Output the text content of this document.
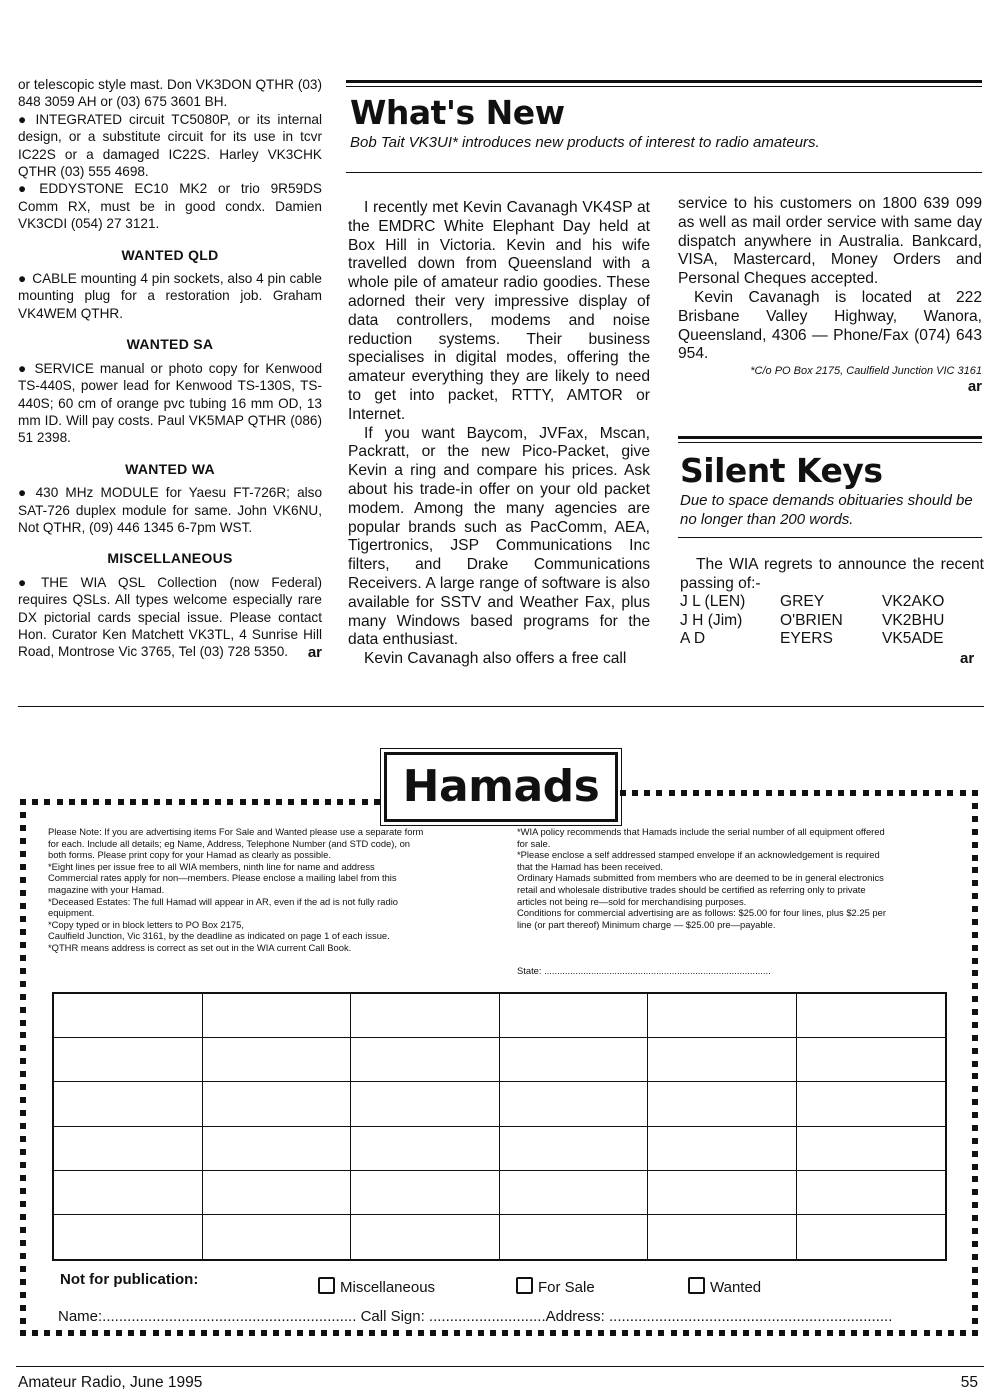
or telescopic style mast. Don VK3DON QTHR (03) 848 3059 AH or (03) 675 3601 BH.

● INTEGRATED circuit TC5080P, or its internal design, or a substitute circuit for its use in tcvr IC22S or a damaged IC22S. Harley VK3CHK QTHR (03) 555 4698.

● EDDYSTONE EC10 MK2 or trio 9R59DS Comm RX, must be in good condx. Damien VK3CDI (054) 27 3121.

WANTED QLD

● CABLE mounting 4 pin sockets, also 4 pin cable mounting plug for a restoration job. Graham VK4WEM QTHR.

WANTED SA

● SERVICE manual or photo copy for Kenwood TS-440S, power lead for Kenwood TS-130S, TS-440S; 60 cm of orange pvc tubing 16 mm OD, 13 mm ID. Will pay costs. Paul VK5MAP QTHR (086) 51 2398.

WANTED WA

● 430 MHz MODULE for Yaesu FT-726R; also SAT-726 duplex module for same. John VK6NU, Not QTHR, (09) 446 1345 6-7pm WST.

MISCELLANEOUS

● THE WIA QSL Collection (now Federal) requires QSLs. All types welcome especially rare DX pictorial cards special issue. Please contact Hon. Curator Ken Matchett VK3TL, 4 Sunrise Hill Road, Montrose Vic 3765, Tel (03) 728 5350.	ar

What's New
Bob Tait VK3UI* introduces new products of interest to radio amateurs.

I recently met Kevin Cavanagh VK4SP at the EMDRC White Elephant Day held at Box Hill in Victoria. Kevin and his wife travelled down from Queensland with a whole pile of amateur radio goodies. These adorned their very impressive display of data controllers, modems and noise reduction systems. Their business specialises in digital modes, offering the amateur everything they are likely to need to get into packet, RTTY, AMTOR or Internet.

If you want Baycom, JVFax, Mscan, Packratt, or the new Pico-Packet, give Kevin a ring and compare his prices. Ask about his trade-in offer on your old packet modem. Among the many agencies are popular brands such as PacComm, AEA, Tigertronics, JSP Communications Inc filters, and Drake Communications Receivers. A large range of software is also available for SSTV and Weather Fax, plus many Windows based programs for the data enthusiast.

Kevin Cavanagh also offers a free call

service to his customers on 1800 639 099 as well as mail order service with same day dispatch anywhere in Australia. Bankcard, VISA, Mastercard, Money Orders and Personal Cheques accepted.

Kevin Cavanagh is located at 222 Brisbane Valley Highway, Wanora, Queensland, 4306 — Phone/Fax (074) 643 954.

*C/o PO Box 2175, Caulfield Junction VIC 3161
ar
Silent Keys
Due to space demands obituaries should be no longer than 200 words.

The WIA regrets to announce the recent passing of:-

J L (LEN)	GREY	VK2AKO
J H (Jim)	O'BRIEN	VK2BHU
A D	EYERS	VK5ADE
ar
Hamads
Please Note: If you are advertising items For Sale and Wanted please use a separate form
for each. Include all details; eg Name, Address, Telephone Number (and STD code), on
both forms. Please print copy for your Hamad as clearly as possible.
*Eight lines per issue free to all WIA members, ninth line for name and address
Commercial rates apply for non—members. Please enclose a mailing label from this
magazine with your Hamad.
*Deceased Estates: The full Hamad will appear in AR, even if the ad is not fully radio
equipment.
*Copy typed or in block letters to PO Box 2175,
Caulfield Junction, Vic 3161, by the deadline as indicated on page 1 of each issue.
*QTHR means address is correct as set out in the WIA current Call Book.
*WIA policy recommends that Hamads include the serial number of all equipment offered
for sale.
*Please enclose a self addressed stamped envelope if an acknowledgement is required
that the Hamad has been received.
Ordinary Hamads submitted from members who are deemed to be in general electronics
retail and wholesale distributive trades should be certified as referring only to private
articles not being re—sold for merchandising purposes.
Conditions for commercial advertising are as follows: $25.00 for four lines, plus $2.25 per
line (or part thereof) Minimum charge — $25.00 pre—payable.
State: .......................................................................................
Not for publication:	Miscellaneous	For Sale	Wanted
Name:............................................................. Call Sign: ............................Address: ....................................................................
Amateur Radio, June 1995	55
